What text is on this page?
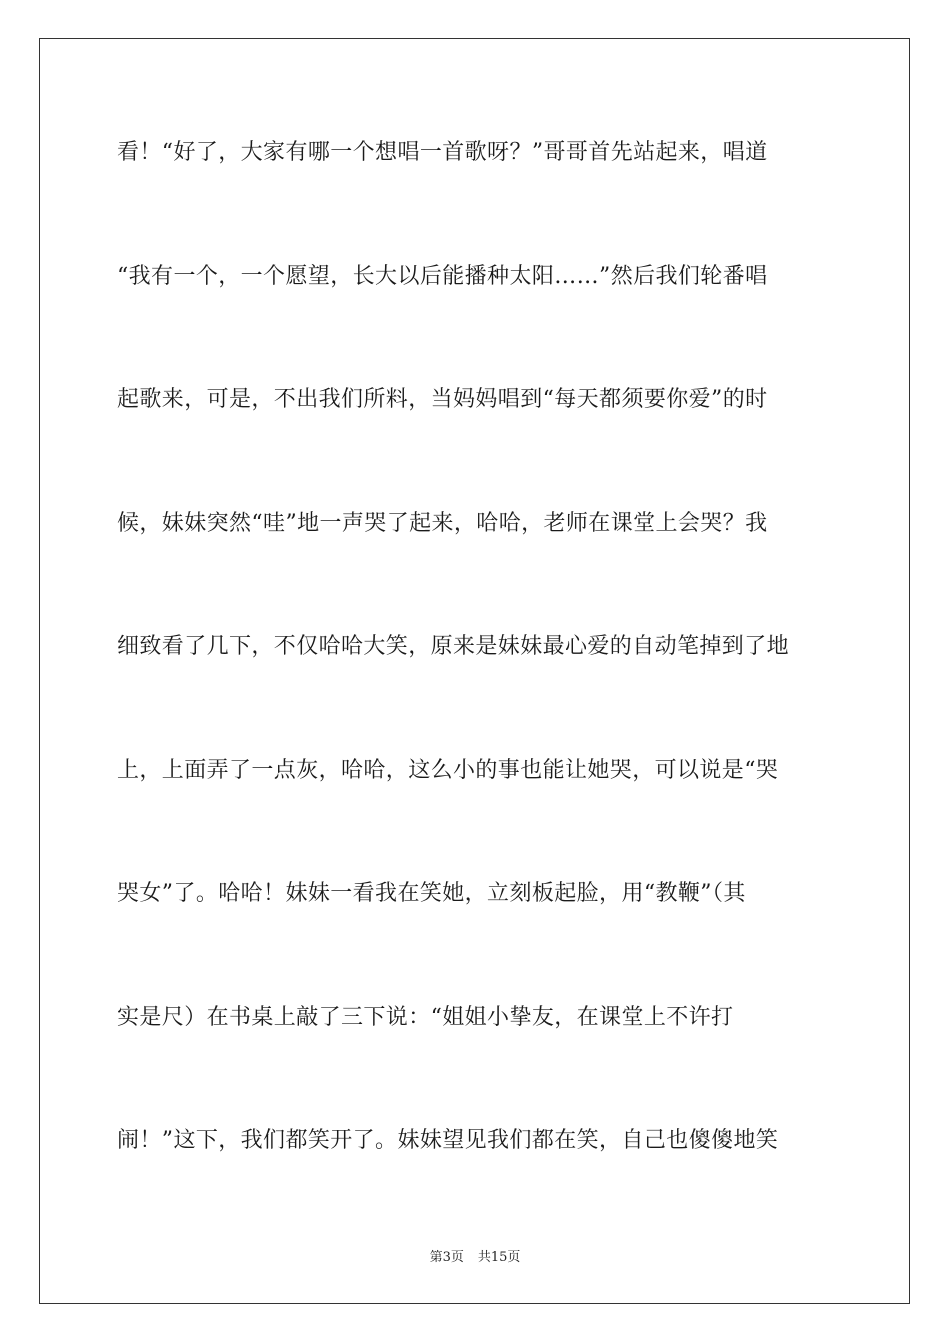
看！“好了，大家有哪一个想唱一首歌呀？”哥哥首先站起来，唱道
“我有一个，一个愿望，长大以后能播种太阳……”然后我们轮番唱
起歌来，可是，不出我们所料，当妈妈唱到“每天都须要你爱”的时
候，妹妹突然“哇”地一声哭了起来，哈哈，老师在课堂上会哭？我
细致看了几下，不仅哈哈大笑，原来是妹妹最心爱的自动笔掉到了地
上，上面弄了一点灰，哈哈，这么小的事也能让她哭，可以说是“哭
哭女”了。哈哈！妹妹一看我在笑她，立刻板起脸，用“教鞭”（其
实是尺）在书桌上敲了三下说：“姐姐小挚友，在课堂上不许打
闹！”这下，我们都笑开了。妹妹望见我们都在笑，自己也傻傻地笑
第3页 共15页
